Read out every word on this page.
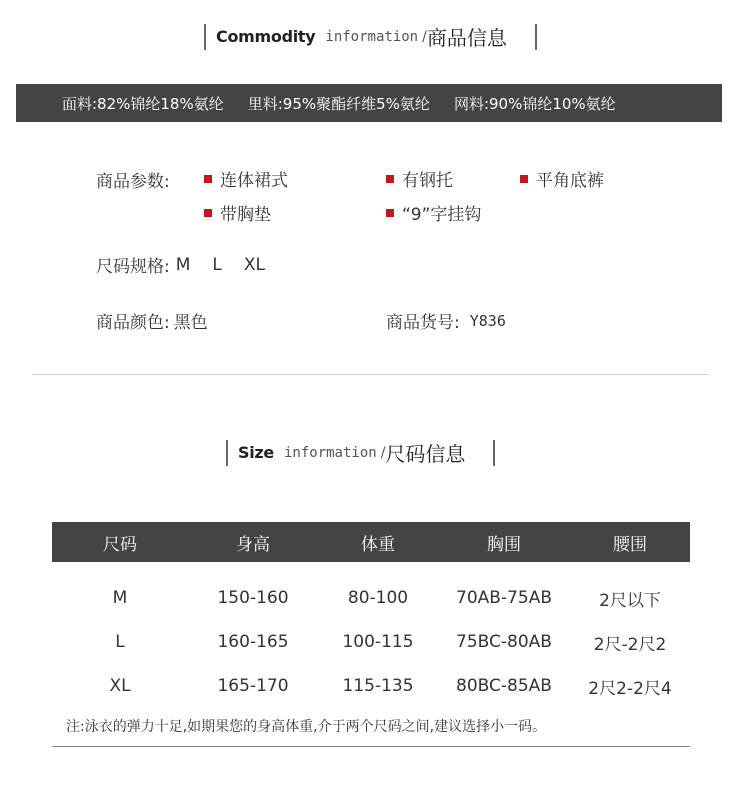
Commodity information / 商品信息
面料:82%锦纶18%氨纶 里料:95%聚酯纤维5%氨纶 网料:90%锦纶10%氨纶
商品参数:	连体裙式	有钢托	平角底裤
带胸垫	“9”字挂钩
尺码规格: M L XL
商品颜色: 黑色	商品货号: Y836
Size information / 尺码信息
尺码	身高	体重	胸围	腰围
M	150-160	80-100	70AB-75AB	2尺以下
L	160-165	100-115	75BC-80AB	2尺-2尺2
XL	165-170	115-135	80BC-85AB	2尺2-2尺4
注:泳衣的弹力十足,如期果您的身高体重,介于两个尺码之间,建议选择小一码。
